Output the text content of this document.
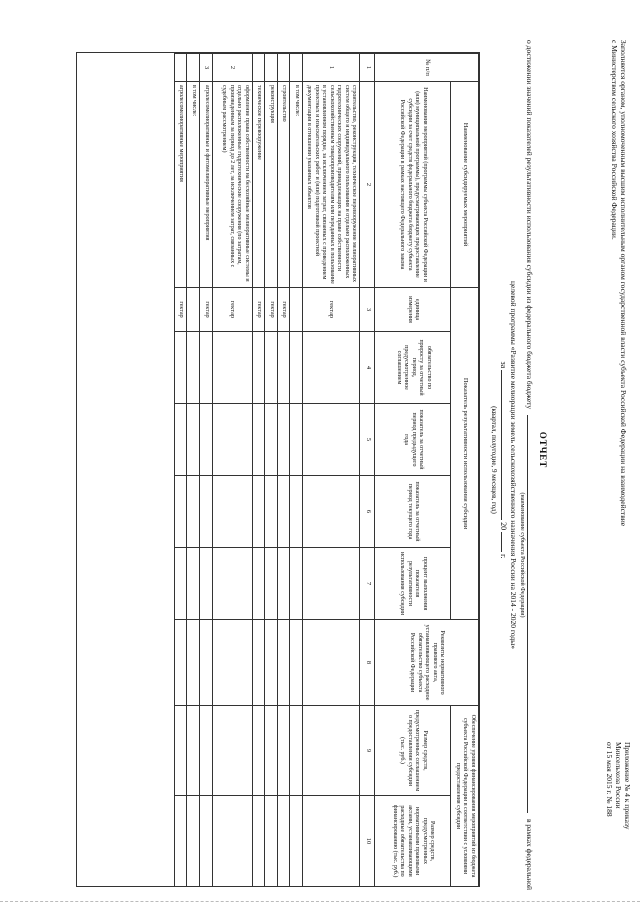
Заполняется органом, уполномоченным высшим исполнительным органом государственной власти субъекта Российской Федерации на взаимодействие
с Министерством сельского хозяйства Российской Федерации.
Приложение № 4 к приказу
Минсельхоза России
от 15 мая 2015 г. № 188
ОТЧЕТ
о достижении значений показателей результативности использования субсидии из федерального бюджета бюджету
в рамках федеральной
(наименование субъекта Российской Федерации)
целевой программы «Развитие мелиорации земель сельскохозяйственного назначения России на 2014 - 2020 годы»
за  20  г.
(квартал, полугодие, 9 месяцев, год)
№ п/п	Наименование субсидируемых мероприятий	Показатель результативности использования субсидии					Реквизиты нормативного правового акта, устанавливающего расходное обязательство субъекта Российской Федерации	Обеспечение уровня финансирования мероприятий из бюджета субъекта Российской Федерации в соответствии с условиями предоставления субсидии	
	Наименования мероприятий (программы субъекта Российской Федерации и (или) муниципальной программы), предусматривающих предоставление субсидии за счет средств федерального бюджета бюджету субъекта Российской Федерации в рамках настоящего Федерального закона	единица измерения	обязательство по приросту за отчетный период, предусмотренное соглашением	показатель за отчетный период предыдущего года	показатель за отчетный период текущего года	процент выполнения показателя результативности использования субсидии		Размер средств, предусмотренных соглашением о предоставлении субсидии (тыс. руб.)	Размер средств, предусмотренных нормативными правовыми актами, устанавливающими расходные обязательства по финансированию (тыс. руб.)

1	2	3	4	5	6	7	8	9	10
1	строительство, реконструкция, техническое перевооружение мелиоративных систем общего и индивидуального пользования и отдельно расположенных гидротехнических сооружений, принадлежащих на праве собственности сельскохозяйственным товаропроизводителям или переданных в пользование в установленном порядке, за исключением затрат, связанных с проведением проектных и изыскательских работ и (или) подготовкой проектной документации в отношении указанных объектов	гектар							
	в том числе:								
	строительство	гектар							
	реконструкция	гектар							
	техническое перевооружение	гектар							
2	оформление права собственности на бесхозяйные мелиоративные системы и отдельно расположенные гидротехнические сооружения (по затратам, произведенным за период до 2 лет, за исключением затрат, связанных с судебным рассмотрением)	гектар							
3	агролесомелиоративные и фитомелиоративные мероприятия	гектар							
	в том числе:								
	агролесомелиоративные мероприятия	гектар							
